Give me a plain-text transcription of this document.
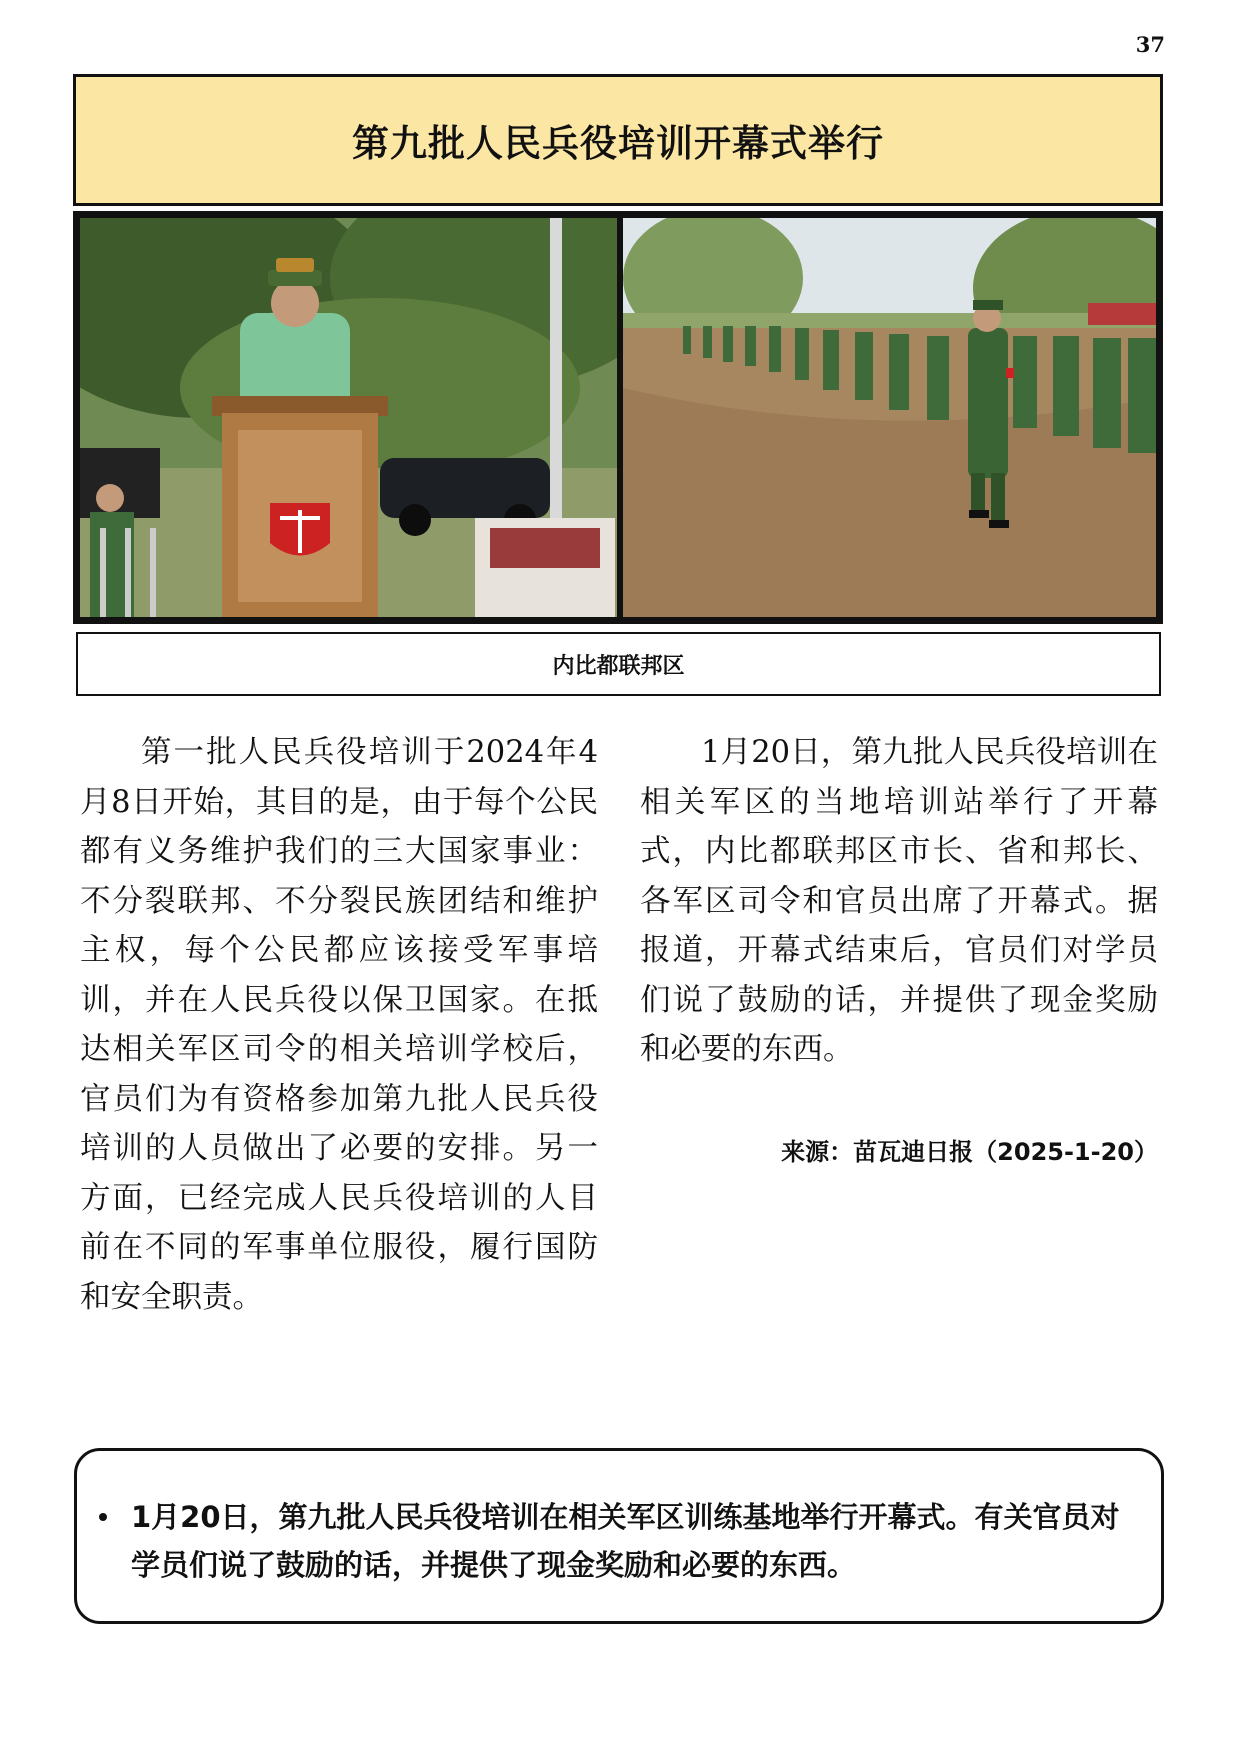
37
第九批人民兵役培训开幕式举行
内比都联邦区

第一批人民兵役培训于2024年4月8日开始，其目的是，由于每个公民都有义务维护我们的三大国家事业：不分裂联邦、不分裂民族团结和维护主权，每个公民都应该接受军事培训，并在人民兵役以保卫国家。在抵达相关军区司令的相关培训学校后，官员们为有资格参加第九批人民兵役培训的人员做出了必要的安排。另一方面，已经完成人民兵役培训的人目前在不同的军事单位服役，履行国防和安全职责。

1月20日，第九批人民兵役培训在相关军区的当地培训站举行了开幕式，内比都联邦区市长、省和邦长、各军区司令和官员出席了开幕式。据报道，开幕式结束后，官员们对学员们说了鼓励的话，并提供了现金奖励和必要的东西。

来源：苗瓦迪日报（2025-1-20）
1月20日，第九批人民兵役培训在相关军区训练基地举行开幕式。有关官员对学员们说了鼓励的话，并提供了现金奖励和必要的东西。
